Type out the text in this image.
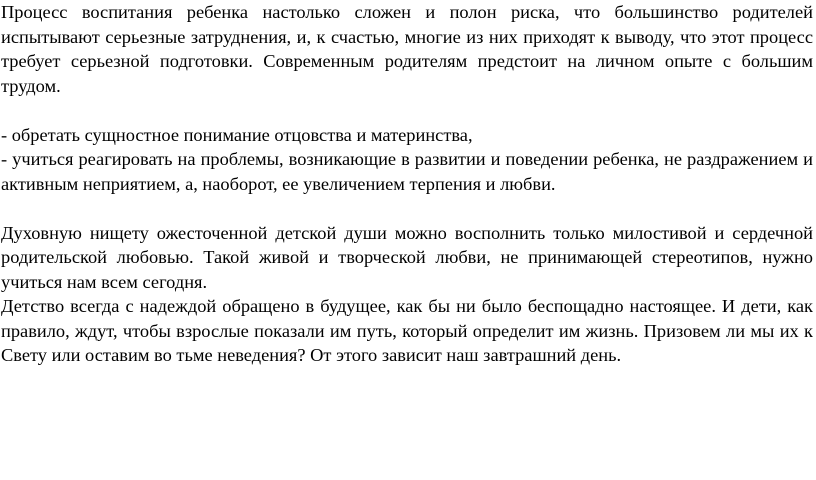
Процесс воспитания ребенка настолько сложен и полон риска, что большинство родителей испытывают серьезные затруднения, и, к счастью, многие из них приходят к выводу, что этот процесс требует серьезной подготовки. Современным родителям предстоит на личном опыте с большим трудом.

- обретать сущностное понимание отцовства и материнства,

- учиться реагировать на проблемы, возникающие в развитии и поведении ребенка, не раздражением и активным неприятием, а, наоборот, ее увеличением терпения и любви.

Духовную нищету ожесточенной детской души можно восполнить только милостивой и сердечной родительской любовью. Такой живой и творческой любви, не принимающей стереотипов, нужно учиться нам всем сегодня.

Детство всегда с надеждой обращено в будущее, как бы ни было беспощадно настоящее. И дети, как правило, ждут, чтобы взрослые показали им путь, который определит им жизнь. Призовем ли мы их к Свету или оставим во тьме неведения? От этого зависит наш завтрашний день.
